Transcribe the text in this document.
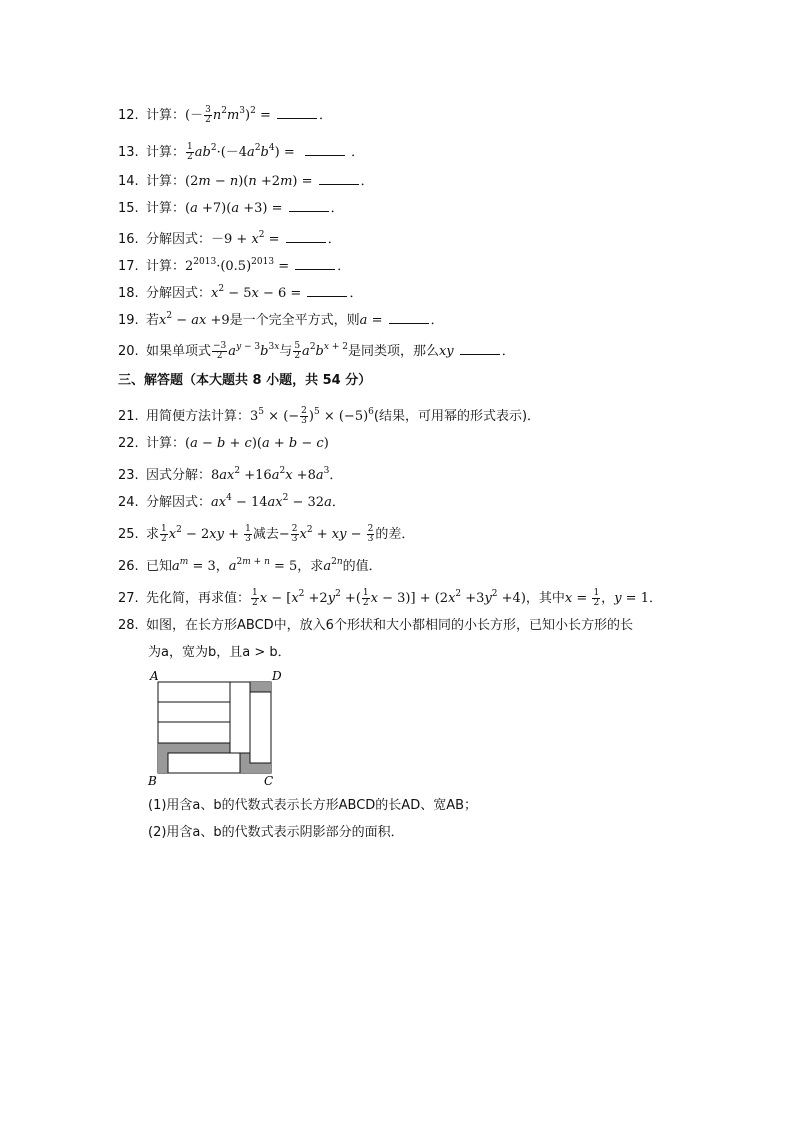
12. 计算：(－ $\frac{3}{2} n^2m^3)^2$ =	．
13. 计算： $\frac{1}{2} ab^2\cdot(-4a^2b^4)$ =	．
14. 计算：(2m − n)(n +2m) =	．
15. 计算：(a +7)(a +3) =	．
16. 分解因式：$-9 + x^2$ =	．
17. 计算：$2^{2013}\cdot(0.5)^{2013}$ =	．
18. 分解因式：$x^2 - 5x - 6$ =	．
19. 若$x^2$ − ax +9是一个完全平方式，则a =	．
20. 如果单项式 $\frac{-3}{2} a^{y - 3}b^{3x}$与 $\frac{5}{2} a^2b^{x + 2}$是同类项，那么xy	．
三、解答题（本大题共 8 小题，共 54 分）
21. 用简便方法计算：$3^5$ × (− $\frac{2}{3} )^5 \times (-5)^6$(结果，可用幂的形式表示)．
22. 计算：(a − b + c)(a + b − c)
23. 因式分解：$8ax^2 +16a^2x +8a^3$．
24. 分解因式：$ax^4 - 14ax^2 - 32a$．
25. 求 $\frac{1}{2} x^2 - 2xy + \frac{1}{3}$ 减去− $\frac{2}{3} x^2$ + xy − $\frac{2}{3}$ 的差．
26. 已知$a^m = 3$，$a^{2m + n} = 5$，求$a^{2n}$的值．
27. 先化简，再求值： $\frac{1}{2}$ $x - [x^2 +2y^2$ +( $\frac{1}{2}$ $x - 3)] + (2x^2 +3y^2 +4)$，其中$x = \frac{1}{2}$ ，y = 1．
28. 如图，在长方形ABCD中，放入6个形状和大小都相同的小长方形，已知小长方形的长
为a，宽为b，且a > b．
A	D
B	C
(1)用含a、b的代数式表示长方形ABCD的长AD、宽AB；
(2)用含a、b的代数式表示阴影部分的面积．
